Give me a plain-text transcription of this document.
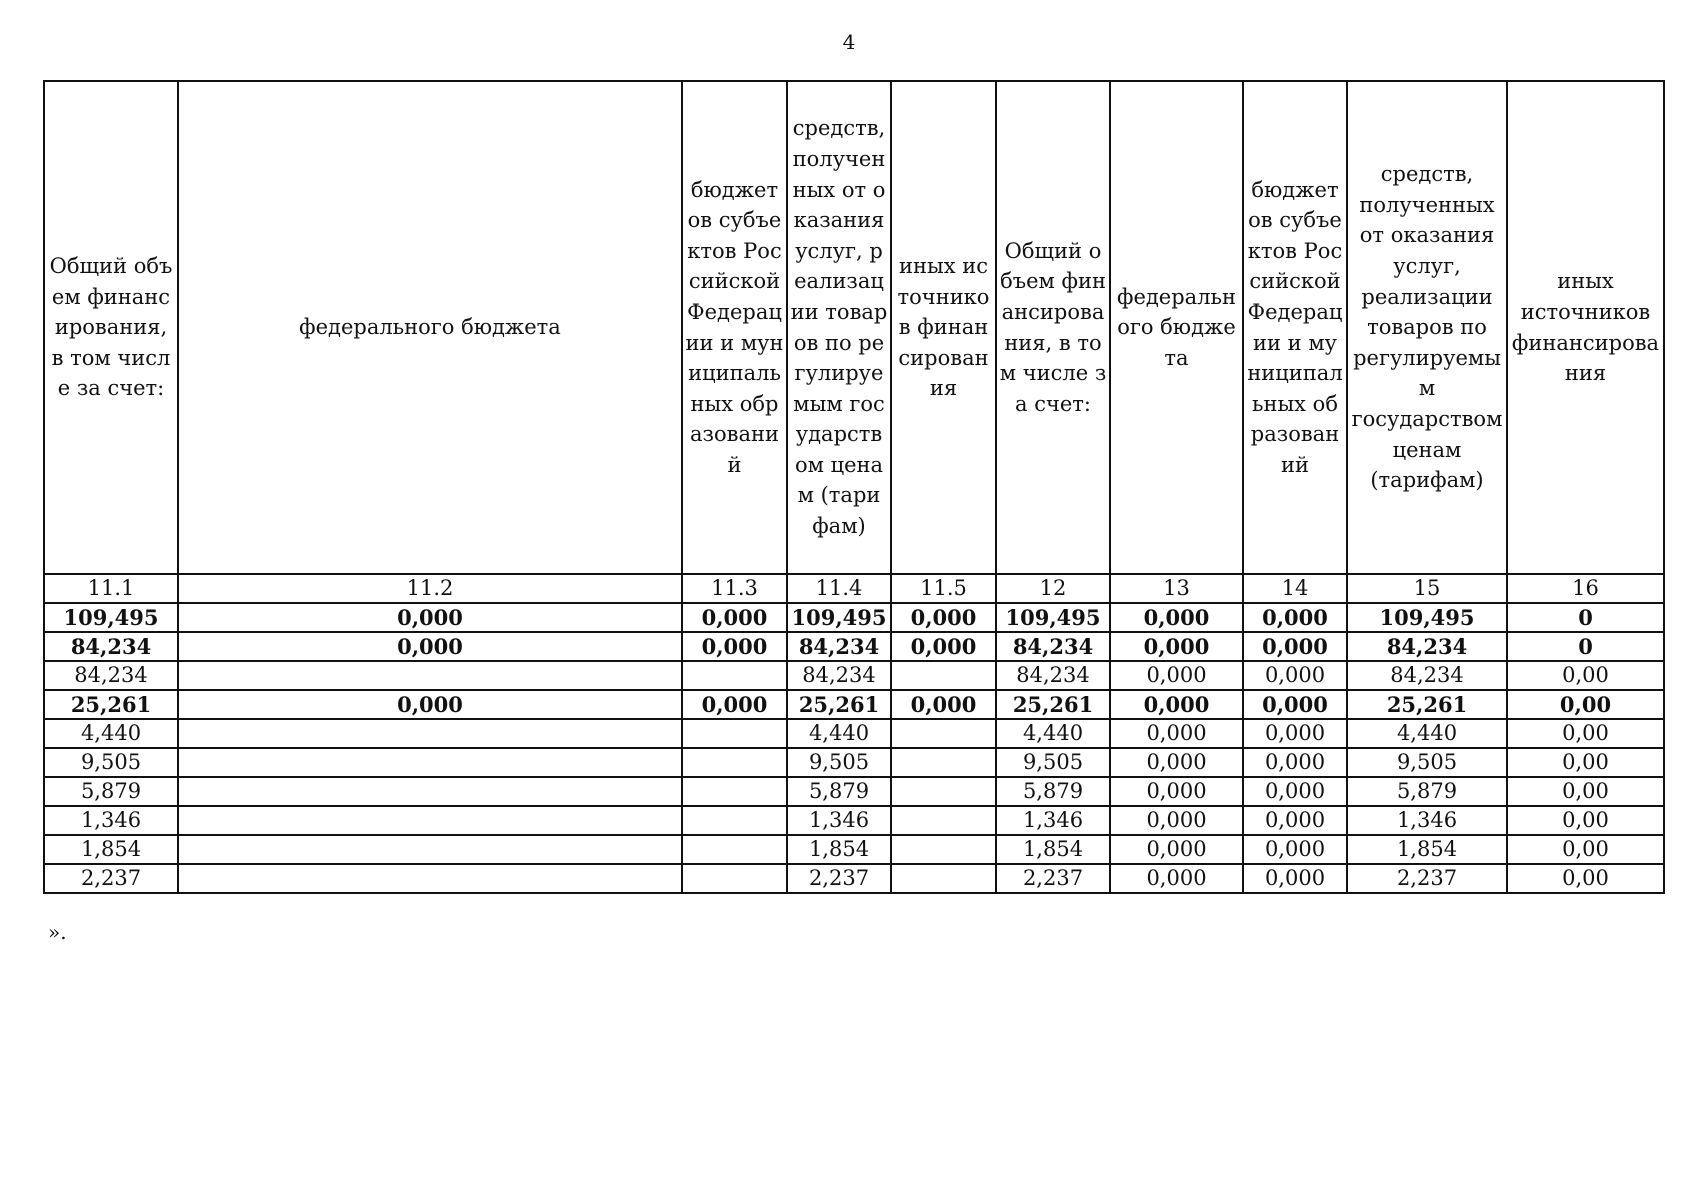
4
Общий объем финансирования, в том числе за счет:	федерального бюджета	бюджетов субъектов Российской Федерации и муниципальных образований	средств, полученных от оказания услуг, реализации товаров по регулируемым государством ценам (тарифам)	иных источников финансирования	Общий объем финансирования, в том числе за счет:	федерального бюджета	бюджетов субъектов Российской Федерации и муниципальных образований	средств, полученных от оказания услуг, реализации товаров по регулируемым государством ценам (тарифам)	иных источников финансирования
11.1	11.2	11.3	11.4	11.5	12	13	14	15	16
109,495	0,000	0,000	109,495	0,000	109,495	0,000	0,000	109,495	0
84,234	0,000	0,000	84,234	0,000	84,234	0,000	0,000	84,234	0
84,234			84,234		84,234	0,000	0,000	84,234	0,00
25,261	0,000	0,000	25,261	0,000	25,261	0,000	0,000	25,261	0,00
4,440			4,440		4,440	0,000	0,000	4,440	0,00
9,505			9,505		9,505	0,000	0,000	9,505	0,00
5,879			5,879		5,879	0,000	0,000	5,879	0,00
1,346			1,346		1,346	0,000	0,000	1,346	0,00
1,854			1,854		1,854	0,000	0,000	1,854	0,00
2,237			2,237		2,237	0,000	0,000	2,237	0,00
».
